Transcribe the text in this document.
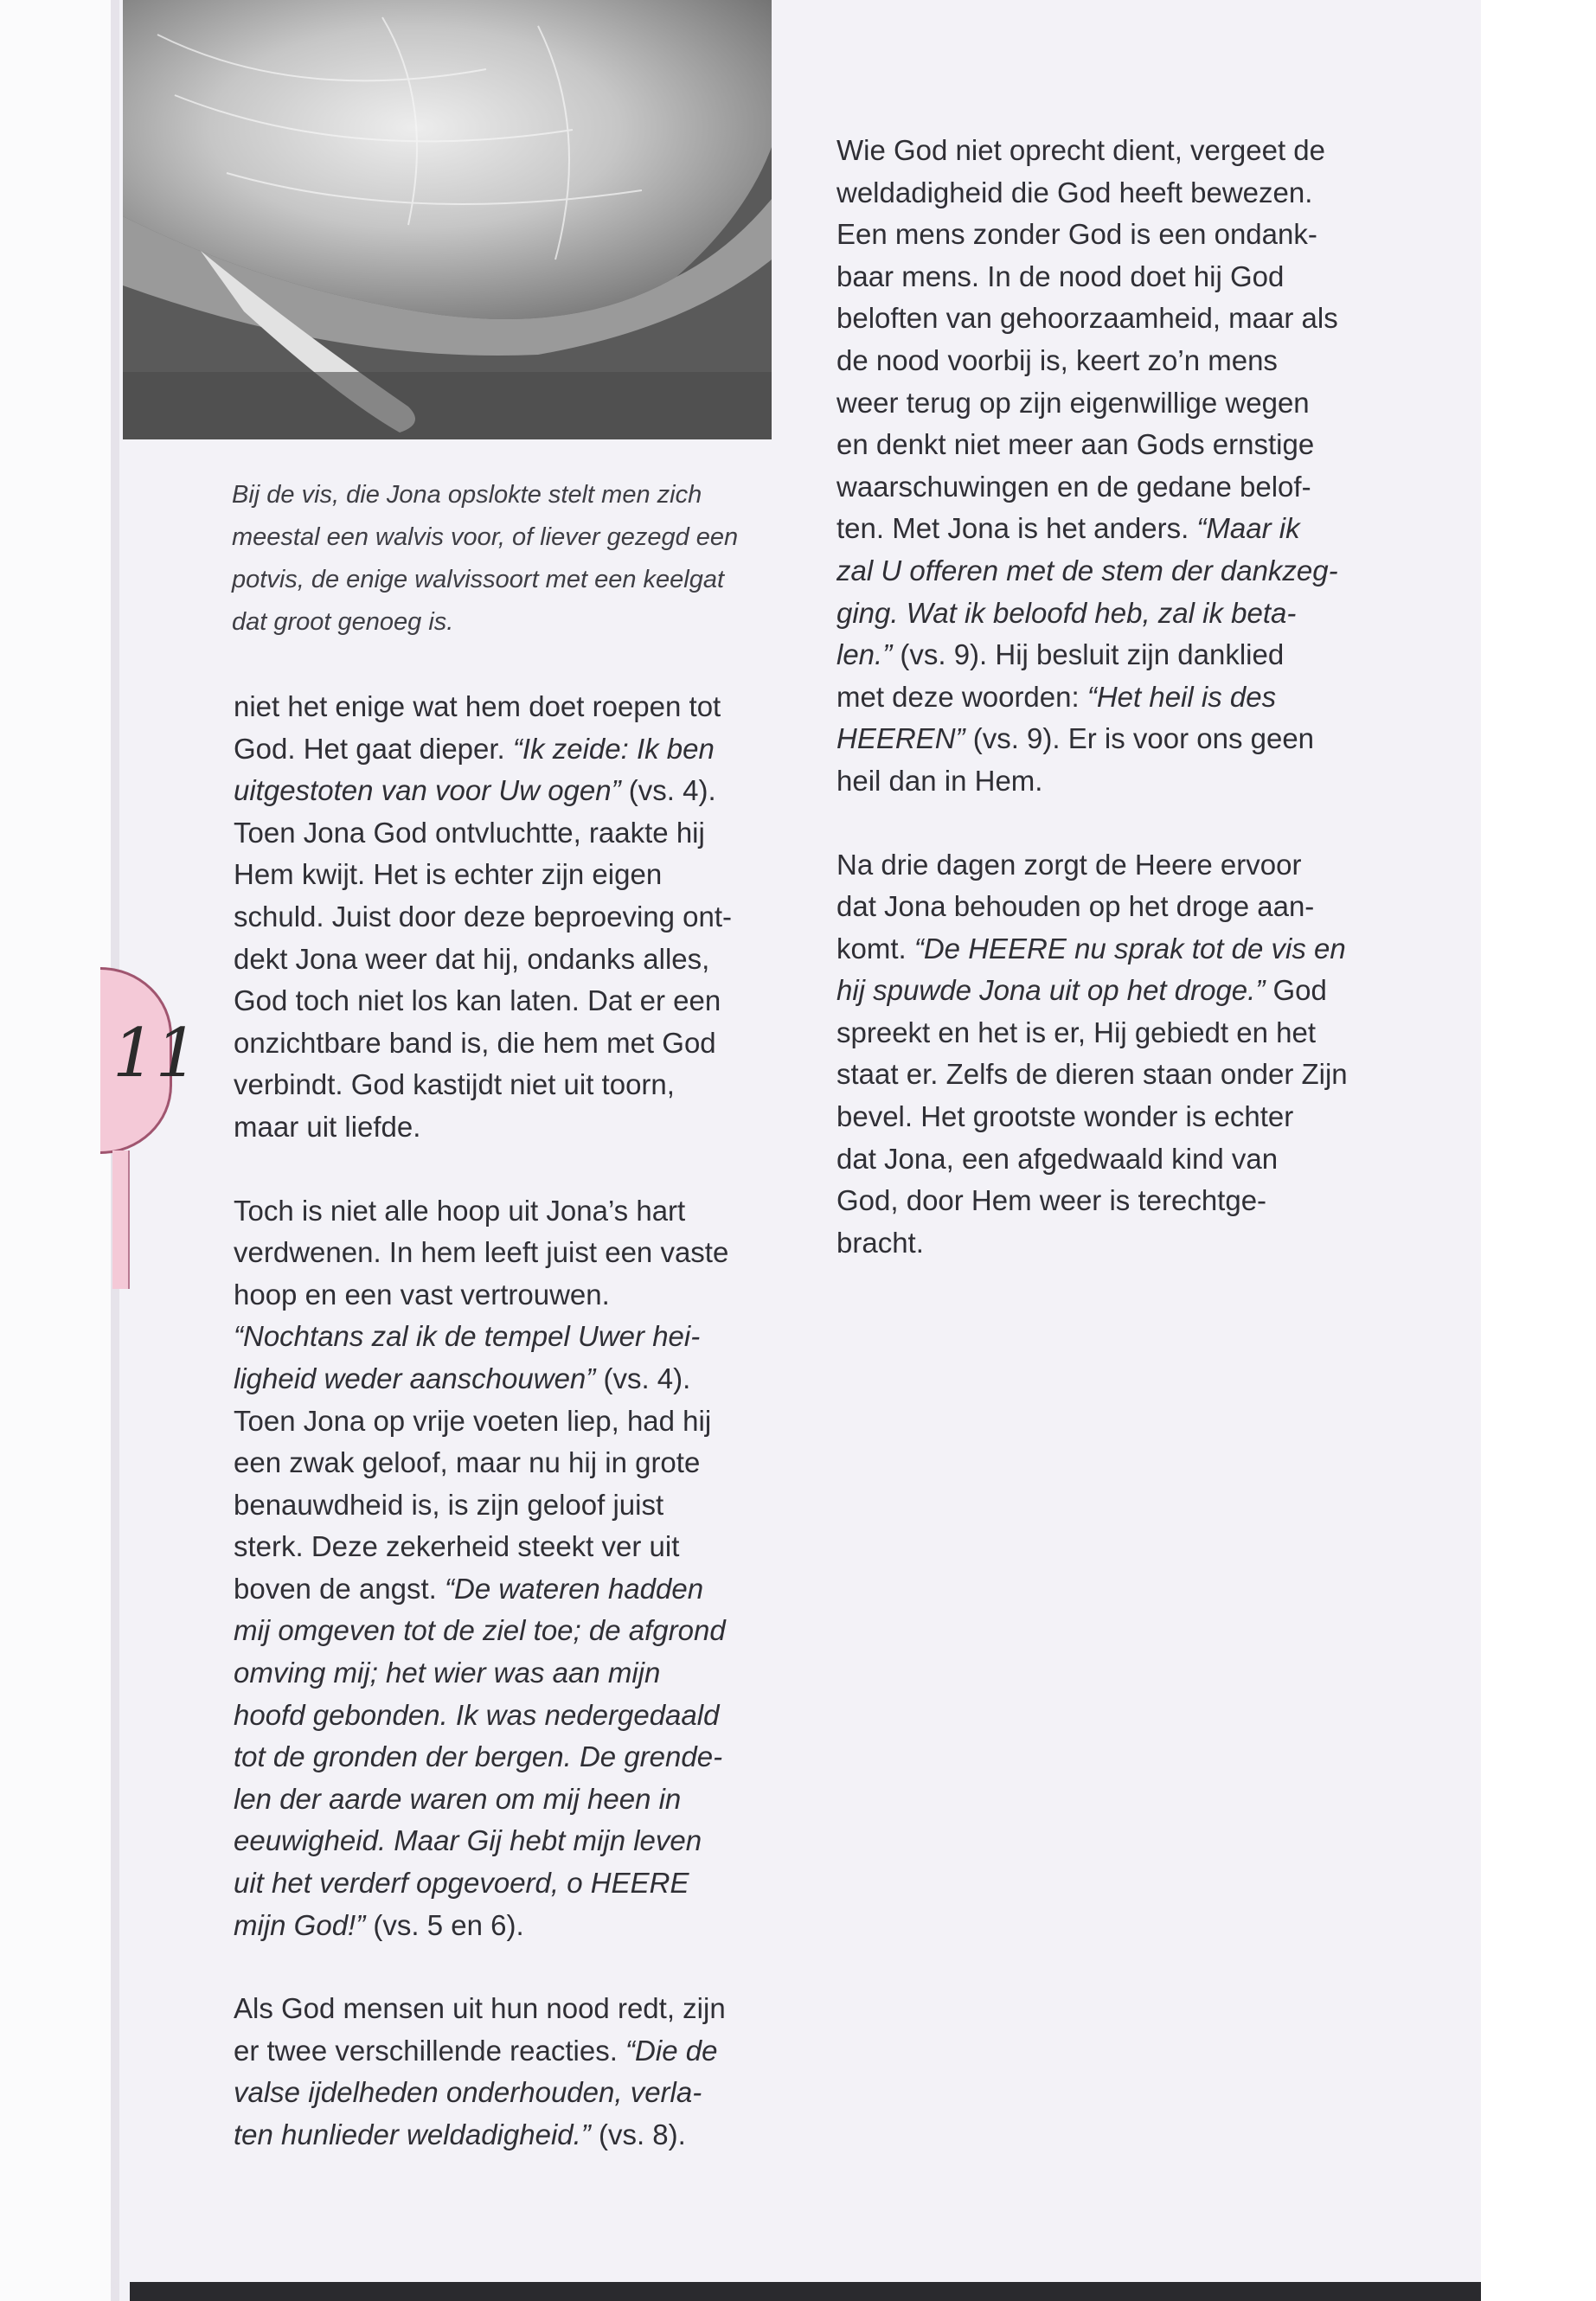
11
Bij de vis, die Jona opslokte stelt men zich
meestal een walvis voor, of liever gezegd een
potvis, de enige walvissoort met een keelgat
dat groot genoeg is.

niet het enige wat hem doet roepen tot
God. Het gaat dieper. “Ik zeide: Ik ben
uitgestoten van voor Uw ogen” (vs. 4).
Toen Jona God ontvluchtte, raakte hij
Hem kwijt. Het is echter zijn eigen
schuld. Juist door deze beproeving ont-
dekt Jona weer dat hij, ondanks alles,
God toch niet los kan laten. Dat er een
onzichtbare band is, die hem met God
verbindt. God kastijdt niet uit toorn,
maar uit liefde.

Toch is niet alle hoop uit Jona’s hart
verdwenen. In hem leeft juist een vaste
hoop en een vast vertrouwen.
“Nochtans zal ik de tempel Uwer hei-
ligheid weder aanschouwen” (vs. 4).
Toen Jona op vrije voeten liep, had hij
een zwak geloof, maar nu hij in grote
benauwdheid is, is zijn geloof juist
sterk. Deze zekerheid steekt ver uit
boven de angst. “De wateren hadden
mij omgeven tot de ziel toe; de afgrond
omving mij; het wier was aan mijn
hoofd gebonden. Ik was nedergedaald
tot de gronden der bergen. De grende-
len der aarde waren om mij heen in
eeuwigheid. Maar Gij hebt mijn leven
uit het verderf opgevoerd, o HEERE
mijn God!” (vs. 5 en 6).

Als God mensen uit hun nood redt, zijn
er twee verschillende reacties. “Die de
valse ijdelheden onderhouden, verla-
ten hunlieder weldadigheid.” (vs. 8).

Wie God niet oprecht dient, vergeet de
weldadigheid die God heeft bewezen.
Een mens zonder God is een ondank-
baar mens. In de nood doet hij God
beloften van gehoorzaamheid, maar als
de nood voorbij is, keert zo’n mens
weer terug op zijn eigenwillige wegen
en denkt niet meer aan Gods ernstige
waarschuwingen en de gedane belof-
ten. Met Jona is het anders. “Maar ik
zal U offeren met de stem der dankzeg-
ging. Wat ik beloofd heb, zal ik beta-
len.” (vs. 9). Hij besluit zijn danklied
met deze woorden: “Het heil is des
HEEREN” (vs. 9). Er is voor ons geen
heil dan in Hem.

Na drie dagen zorgt de Heere ervoor
dat Jona behouden op het droge aan-
komt. “De HEERE nu sprak tot de vis en
hij spuwde Jona uit op het droge.” God
spreekt en het is er, Hij gebiedt en het
staat er. Zelfs de dieren staan onder Zijn
bevel. Het grootste wonder is echter
dat Jona, een afgedwaald kind van
God, door Hem weer is terechtge-
bracht.
